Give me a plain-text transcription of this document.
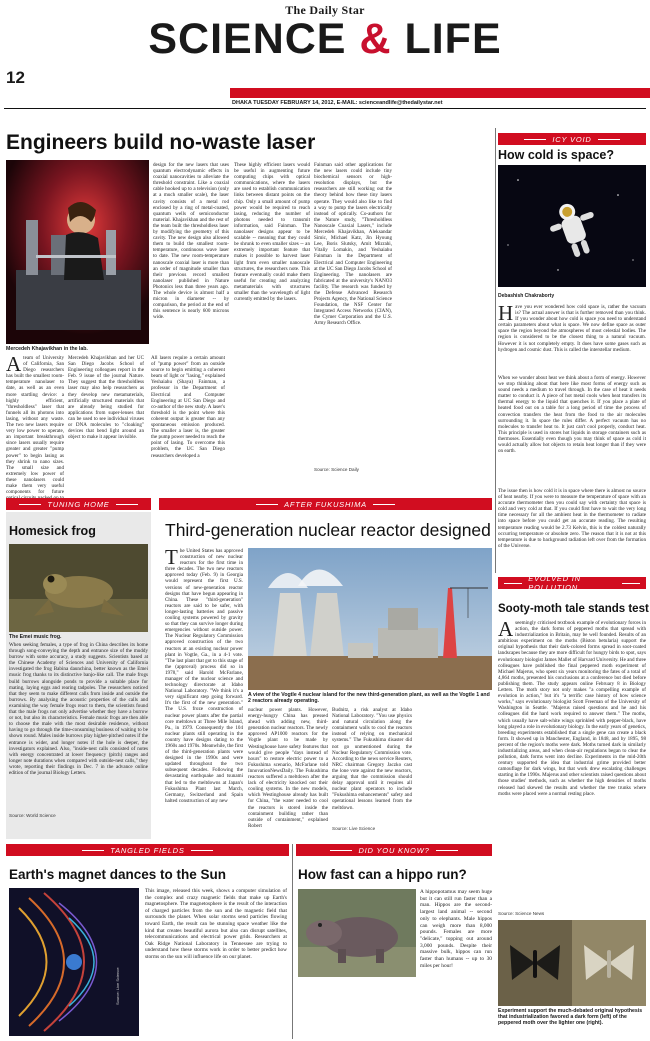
The Daily Star
SCIENCE & LIFE
12
DHAKA TUESDAY FEBRUARY 14, 2012, E-MAIL: scienceandlife@thedailystar.net
Engineers build no-waste laser
Mercedeh Khajavikhan in the lab.
A team of University of California, San Diego researchers has built the smallest room-temperature nanolaser to date, as well as an even more startling device: a highly efficient, "thresholdless" laser that funnels all its photons into lasing, without any waste. The two new lasers require very low power to operate, an important breakthrough since lasers usually require greater and greater "pump power" to begin lasing as they shrink to nano sizes. The small size and extremely low power of these nanolasers could make them very useful components for future
Mercedeh Khajavikhan and her UC San Diego Jacobs School of Engineering colleagues report in the Feb. 9 issue of the journal Nature. They suggest that the thresholdless laser may also help researchers as they develop new metamaterials, artificially structured materials that are already being studied for applications from super-lenses that can be used to see individual viruses or DNA molecules to "cloaking" devices that bend light around an object to make it appear invisible.
All lasers require a certain amount of "pump power" from an outside source to begin emitting a coherent beam of light or "lasing," explained Yeshaiahu (Shaya) Fainman, a professor in the Department of Electrical and Computer Engineering at UC San Diego and co-author of the new study. A laser's threshold is the point where this coherent output is greater than any spontaneous emission produced. The smaller a laser is, the greater the pump power needed to reach the point of lasing. To overcome this problem, the UC San Diego researchers developed a
design for the new lasers that uses quantum electrodynamic effects in coaxial nanocavities to alleviate the threshold constraint. Like a coaxial cable hooked up to a television (only at a much smaller scale), the laser cavity consists of a metal rod enclosed by a ring of metal-coated, quantum wells of semiconductor material. Khajavikhan and the rest of the team built the thresholdless laser by modifying the geometry of this cavity. The new design also allowed them to build the smallest room-temperature, continuous wave laser to date. The new room-temperature nanoscale coaxial laser is more than an order of magnitude smaller than their previous record smallest nanolaser published in Nature Photonics less than three years ago. The whole device is almost half a micron in diameter -- by comparison, the period at the end of this sentence is nearly 600 microns wide.
These highly efficient lasers would be useful in augmenting future computing chips with optical communications, where the lasers are used to establish communication links between distant points on the chip. Only a small amount of pump power would be required to reach lasing, reducing the number of photons needed to transmit information, said Fainman. The nanolaser designs appear to be scalable -- meaning that they could be shrunk to even smaller sizes -- an extremely important feature that makes it possible to harvest laser light from even smaller nanoscale structures, the researchers note. This feature eventually could make them useful for creating and analyzing metamaterials with structures smaller than the wavelength of light currently emitted by the lasers.
Fainman said other applications for the new lasers could include tiny biochemical sensors or high-resolution displays, but the researchers are still working out the theory behind how these tiny lasers operate. They would also like to find a way to pump the lasers electrically instead of optically. Co-authors for the Nature study, "Thresholdless Nanoscale Coaxial Lasers," include Mercedeh Khajavikhan, Aleksandar Simic, Michael Katz, Jin Hyoung Lee, Boris Slutsky, Amit Mizrahi, Vitaliy Lomakin, and Yeshaiahu Fainman in the Department of Electrical and Computer Engineering at the UC San Diego Jacobs School of Engineering. The nanolasers are fabricated at the university's NANO3 facility. The research was funded by the Defense Advanced Research Projects Agency, the National Science Foundation, the NSF Center for Integrated Access Networks (CIAN), the Cymer Corporation and the U.S. Army Research Office.
Source: Science Daily
ICY VOID
How cold is space?
Debashish Chakraborty
Have you ever wondered how cold space is, rather the vacuum is? The actual answer is that is further removed than you think. If you wonder about how cold is space you need to understand certain parameters about what is space. We now define space as outer space the region beyond the atmospheres of most celestial bodies. The region is considered to be the closest thing to a natural vacuum. However it is not completely empty. It does have some gases such as hydrogen and cosmic dust. This is called the interstellar medium.
When we wonder about heat we think about a form of energy. However we stop thinking about that here like most forms of energy such as sound needs a medium to travel through. In the case of heat it needs matter to conduct it. A piece of hot metal cools when heat transfers its thermal energy to the liquid that quenches it. If you place a plate of heated food out on a table for a long period of time the process of convection transfers the heat from the food to the air molecules surrounding it. In space the rules differ. A perfect vacuum has no molecules to transfer heat to. It just can't cool properly, conduct heat. This principle is used in stores hot liquids in storage containers such as thermoses. Essentially even though you may think of space as cold it would actually allow hot objects to retain heat longer than if they were on earth.
The issue then is how cold it is in space where there is almost no source of heat nearby. If you were to measure the temperature of space with an accurate thermometer then you could say with certainty that space is cold and very cold at that. If you could first have to wait the very long time necessary for all the ambient heat in the thermometer to radiate into space before you could get an accurate reading. The resulting temperature reading would be 2.73 Kelvin, this is the coldest naturally occurring temperature or absolute zero. The reason that it is not at this temperature is due to background radiation left over from the formation of the Universe.
TUNING HOME
Homesick frog
The Emei music frog.
When seeking females, a type of frog in China describes its home through song-conveying the depth and entrance size of the muddy burrow with some accuracy, a study suggests. Scientists based at the Chinese Academy of Sciences and University of California investigated the frog Babina daunchina, better known as the Emei music frog thanks to its distinctive banjo-like call. The male frogs build burrows alongside ponds to provide a suitable place for mating, laying eggs and rearing tadpoles. The researchers noticed that they seem to make different calls from inside and outside the burrows. By analysing the acoustic properties of the calls and examining the way female frogs react to them, the scientists found that the male frogs not only advertise whether they have a burrow or not, but also its characteristics. Female music frogs are then able to choose the male with the most desirable residence, without having to go through the time-consuming business of waiting to be shown round. Males inside burrows play higher-pitched notes if the entrance is wider, and longer notes if the hole is deeper, the investigators explained. Also, "inside-nest calls consisted of notes with energy concentrated at lower frequency (pitch) ranges and longer note durations when compared with outside-nest calls," they wrote, reporting their findings in Dec. 7 in the advance online edition of the journal Biology Letters.
Source: World Science
AFTER FUKUSHIMA
Third-generation nuclear reactor designed
The United States has approved construction of new nuclear reactors for the first time in three decades. The two new reactors approved today (Feb. 9) in Georgia would represent the first U.S. versions of new-generation reactor designs that have begun appearing in China. These "third-generation" reactors are said to be safer, with longer-lasting batteries and passive cooling systems powered by gravity so that they can survive longer during emergencies without outside power. The Nuclear Regulatory Commission approved construction of the two reactors at an existing nuclear power plant in Vogtle, Ga., in a 4-1 vote. "The last plant that got to this stage of the (approval) process did so in 1978," said Harold McFarlane, manager of the nuclear science and technology directorate at Idaho National Laboratory. "We think it's a very significant step going forward. It's the first of the new generation." The U.S. froze construction of nuclear power plants after the partial core meltdown at Three Mile Island, Pa., in 1979. Consequently the 104 nuclear plants still operating in the country have designs dating to the 1960s and 1970s. Meanwhile, the first of the third-generation plants were designed in the 1990s and were updated throughout the two subsequent decades. Following the devastating earthquake and tsunami that led to the meltdowns at Japan's Fukushima Plant last March, Germany, Switzerland and Spain halted construction of any new
A view of the Vogtle 4 nuclear island for the new third-generation plant, as well as the Vogtle 1 and 2 reactors already operating.
nuclear power plants. However, energy-hungry China has pressed ahead with adding new, third-generation nuclear reactors. The newly approved AP1000 reactors for the Vogtle plant to be made by Westinghouse have safety features that would give people "days instead of hours" to restore electric power to a Fukushima scenario, McFarlane told InnovationNewsDaily. The Fukushima reactors suffered a meltdown after the lack of electricity knocked out their cooling systems. In the new models, which Westinghouse already has built for China, "the water needed to cool the reactors is stored inside the containment building rather than outside of containment," explained Robert
Budnitz, a risk analyst at Idaho National Laboratory. "You use physics and natural circulation along the containment walls to cool the reactors instead of relying on mechanical systems." The Fukushima disaster did not go unmentioned during the Nuclear Regulatory Commission vote. According to the news service Reuters, NRC chairman Gregory Jaczko cast the lone vote against the new reactors, arguing that the commission should delay approval until it requires all nuclear plant operators to include "Fukushima enhancements" safety and operational lessons learned from the meltdown.
Source: Live Science
EVOLVED IN POLLUTION
Sooty-moth tale stands test
A seemingly criticised textbook example of evolutionary forces in action, the dark forms of peppered moths that spread with industrialization in Britain, may be well founded. Results of an ambitious experiment on the moths (Biston betularia) support the original hypothesis that their dark-colored forms spread in soot-coated landscapes because they are more difficult for hungry birds to spot, says evolutionary biologist James Mallet of Harvard University. He and three colleagues have published the final peppered moth experiment of Michael Majerus, who spent six years monitoring the fates of a total of 4,864 moths, presented his conclusions at a conference but died before publishing them. The study appears online February 8 in Biology Letters. The moth story not only makes "a compelling example of evolution in action," but it's "a terrific case history of how science works," says evolutionary biologist Scott Freeman of the University of Washington in Seattle. "Majerus raised questions and he and his colleagues did the hard work required to answer them." The moths, which usually have salt-white wings sprinkled with pepper-black, have long played a role in evolutionary biology. In the early years of genetics, breeding experiments established that a single gene can create a black form. It showed up in Manchester, England, in 1848, and by 1895, 98 percent of the region's moths were dark. Moths turned dark in similarly industrializing areas, and when clean-air regulations began to clear the pollution, dark forms went into decline. Experiments in the mid-20th century supported the idea that industrial grime provided better camouflage for dark wings, but that work drew escalating challenges starting in the 1990s. Majerus and other scientists raised questions about those studies' methods, such as whether the high densities of moths released had skewed the results and whether the tree trunks where moths were placed were a normal resting place.
Source: Science News
Experiment support the much-debated original hypothesis that industrialization favored a dark form (left) of the peppered moth over the lighter one (right).
TANGLED FIELDS
Earth's magnet dances to the Sun
Source: Live Science
This image, released this week, shows a computer simulation of the complex and crazy magnetic fields that make up Earth's magnetosphere. The magnetosphere is the result of the interaction of charged particles from the sun and the magnetic field that surrounds the planet. When solar storms send particles flowing toward Earth, the result can be stunning space weather like the kind that creates beautiful aurora but also can disrupt satellites, telecommunications and electrical power grids. Researchers at Oak Ridge National Laboratory in Tennessee are trying to understand how these storms work in order to better predict how storms on the sun will influence life on our planet.
DID YOU KNOW?
How fast can a hippo run?
A hippopotamus may seem huge but it can still run faster than a man. Hippos are the second-largest land animal -- second only to elephants. Male hippos can weigh more than 8,000 pounds. Females are more "delicate," topping out around 3,000 pounds. Despite their massive bulk, hippos can run faster than humans -- up to 30 miles per hour!
